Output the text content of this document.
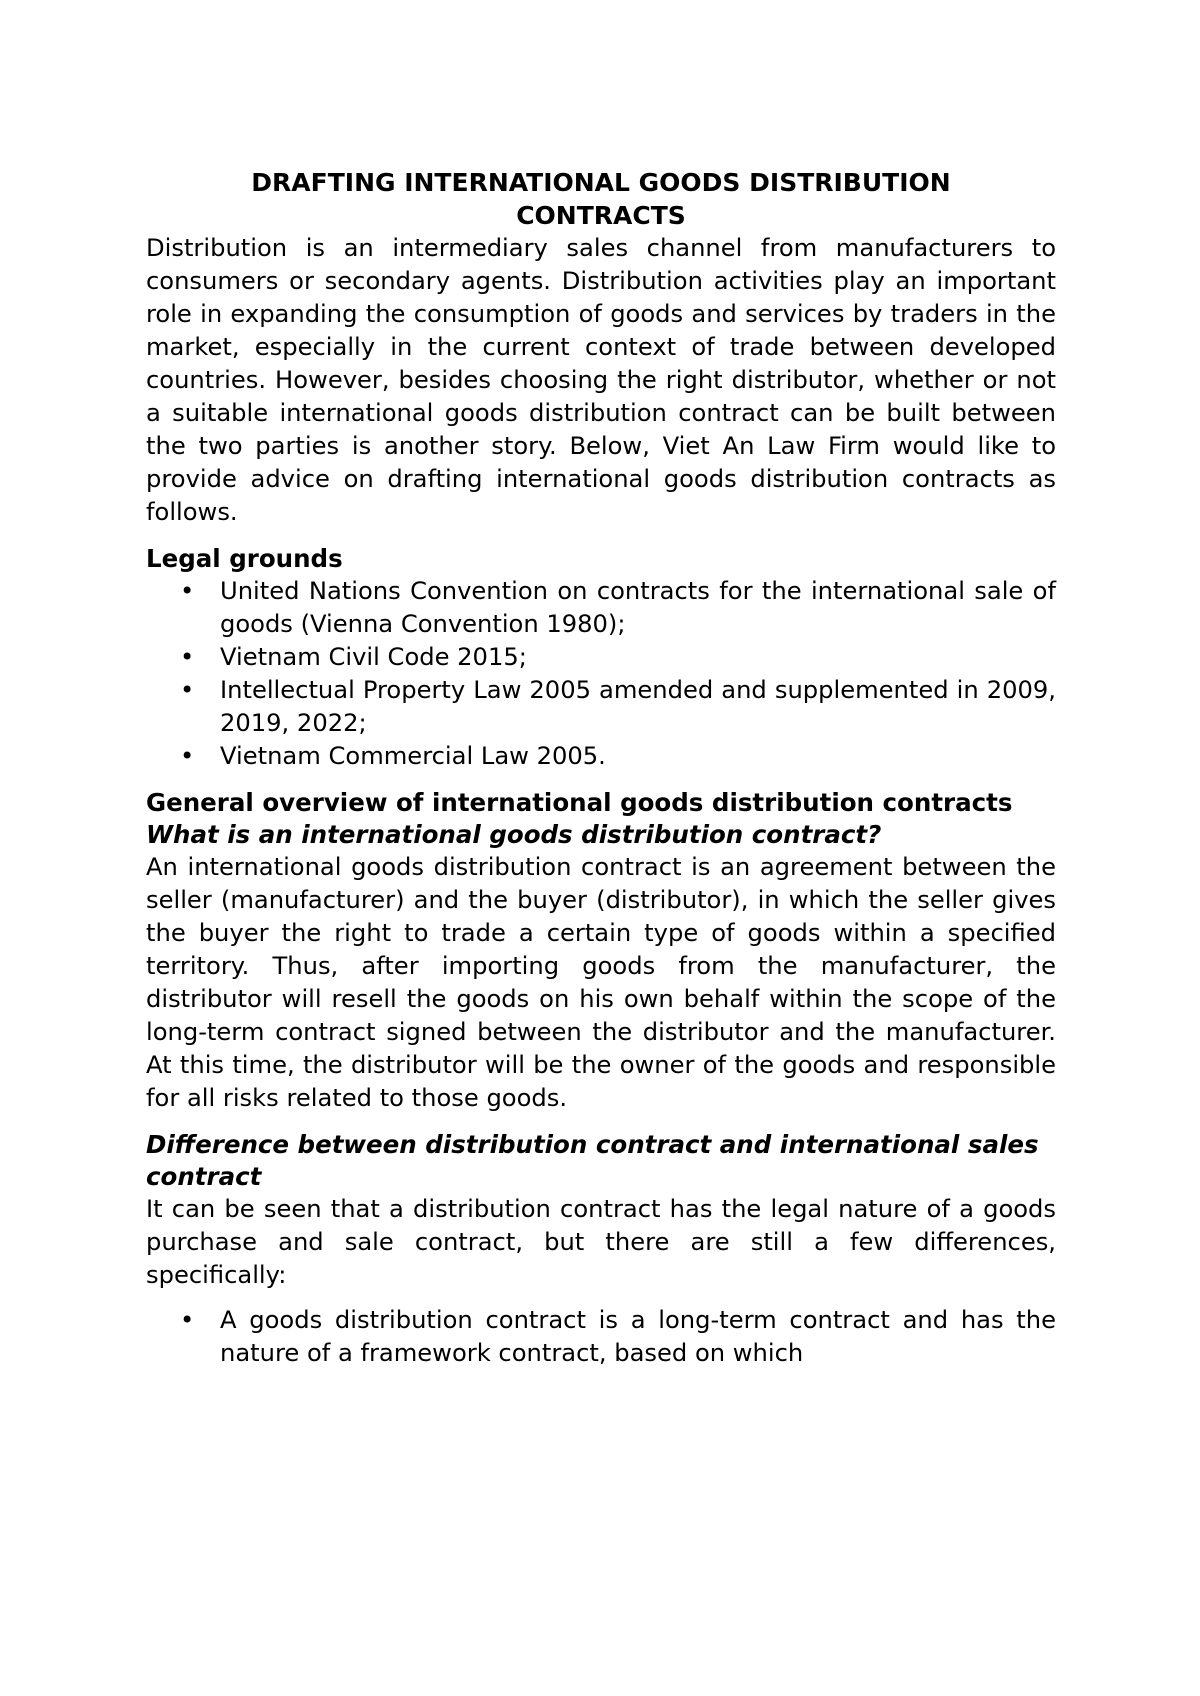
DRAFTING INTERNATIONAL GOODS DISTRIBUTION CONTRACTS

Distribution is an intermediary sales channel from manufacturers to consumers or secondary agents. Distribution activities play an important role in expanding the consumption of goods and services by traders in the market, especially in the current context of trade between developed countries. However, besides choosing the right distributor, whether or not a suitable international goods distribution contract can be built between the two parties is another story. Below, Viet An Law Firm would like to provide advice on drafting international goods distribution contracts as follows.

Legal grounds
• United Nations Convention on contracts for the international sale of goods (Vienna Convention 1980);
• Vietnam Civil Code 2015;
• Intellectual Property Law 2005 amended and supplemented in 2009, 2019, 2022;
• Vietnam Commercial Law 2005.
General overview of international goods distribution contracts
What is an international goods distribution contract?

An international goods distribution contract is an agreement between the seller (manufacturer) and the buyer (distributor), in which the seller gives the buyer the right to trade a certain type of goods within a specified territory. Thus, after importing goods from the manufacturer, the distributor will resell the goods on his own behalf within the scope of the long-term contract signed between the distributor and the manufacturer. At this time, the distributor will be the owner of the goods and responsible for all risks related to those goods.

Difference between distribution contract and international sales contract

It can be seen that a distribution contract has the legal nature of a goods purchase and sale contract, but there are still a few differences, specifically:

• A goods distribution contract is a long-term contract and has the nature of a framework contract, based on which
